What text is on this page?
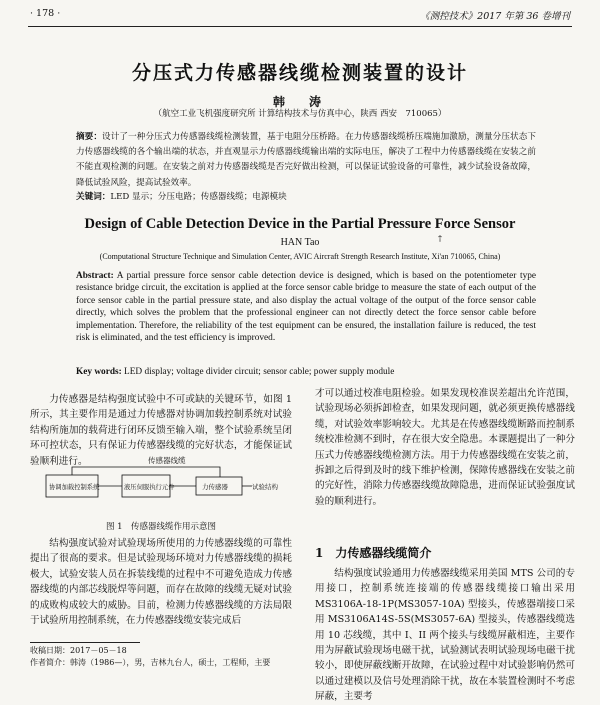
· 178 ·	《测控技术》2017 年第 36 卷增刊
分压式力传感器线缆检测装置的设计
韩　涛
（航空工业飞机强度研究所 计算结构技术与仿真中心，陕西 西安　710065）
摘要：设计了一种分压式力传感器线缆检测装置，基于电阻分压桥路。在力传感器线缆桥压端施加激励，测量分压状态下力传感器线缆的各个输出端的状态，并直观显示力传感器线缆输出端的实际电压，解决了工程中力传感器线缆在安装之前不能直观检测的问题。在安装之前对力传感器线缆是否完好做出检测，可以保证试验设备的可靠性，减少试验设备故障，降低试验风险，提高试验效率。
关键词：LED 显示；分压电路；传感器线缆；电源模块
Design of Cable Detection Device in the Partial Pressure Force Sensor
†
HAN Tao
(Computational Structure Technique and Simulation Center, AVIC Aircraft Strength Research Institute, Xi'an 710065, China)
Abstract: A partial pressure force sensor cable detection device is designed, which is based on the potentiometer type resistance bridge circuit, the excitation is applied at the force sensor cable bridge to measure the state of each output of the force sensor cable in the partial pressure state, and also display the actual voltage of the output of the force sensor cable directly, which solves the problem that the professional engineer can not directly detect the force sensor cable before implementation. Therefore, the reliability of the test equipment can be ensured, the installation failure is reduced, the test risk is eliminated, and the test efficiency is improved.
Key words: LED display; voltage divider circuit; sensor cable; power supply module
力传感器是结构强度试验中不可或缺的关键环节，如图 1 所示，其主要作用是通过力传感器对协调加载控制系统对试验结构所施加的载荷进行闭环反馈至输入端，整个试验系统呈闭环可控状态，只有保证力传感器线缆的完好状态，才能保证试验顺利进行。	传感器线缆
协调加载控制系统	液压伺服执行元件	力传感器	试验结构
图 1　传感器线缆作用示意图
结构强度试验对试验现场所使用的力传感器线缆的可靠性提出了很高的要求。但是试验现场环境对力传感器线缆的损耗极大，试验安装人员在拆装线缆的过程中不可避免造成力传感器线缆的内部芯线脱焊等问题，而存在故障的线缆无疑对试验的成败构成较大的威胁。目前，检测力传感器线缆的方法局限于试验所用控制系统，在力传感器线缆安装完成后
才可以通过校准电阻检验。如果发现校准误差超出允许范围，试验现场必须拆卸检查，如果发现问题，就必须更换传感器线缆，对试验效率影响较大。尤其是在传感器线缆断路而控制系统校准检测不到时，存在很大安全隐患。本课题提出了一种分压式力传感器线缆检测方法。用于力传感器线缆在安装之前，拆卸之后得到及时的线下维护检测，保障传感器线在安装之前的完好性，消除力传感器线缆故障隐患，进而保证试验强度试验的顺利进行。
1 力传感器线缆简介
结构强度试验通用力传感器线缆采用美国 MTS 公司的专用接口，控制系统连接端的传感器线缆接口输出采用 MS3106A-18-1P(MS3057-10A) 型接头，传感器端接口采用 MS3106A14S-5S(MS3057-6A) 型接头，传感器线缆选用 10 芯线缆，其中 I、II 两个接头与线缆屏蔽相连，主要作用为屏蔽试验现场电磁干扰，试验测试表明试验现场电磁干扰较小，即使屏蔽线断开故障，在试验过程中对试验影响仍然可以通过建模以及信号处理消除干扰，故在本装置检测时不考虑屏蔽，主要考
收稿日期：2017－05－18
作者简介：韩涛（1986—），男，吉林九台人，硕士，工程师，主要
